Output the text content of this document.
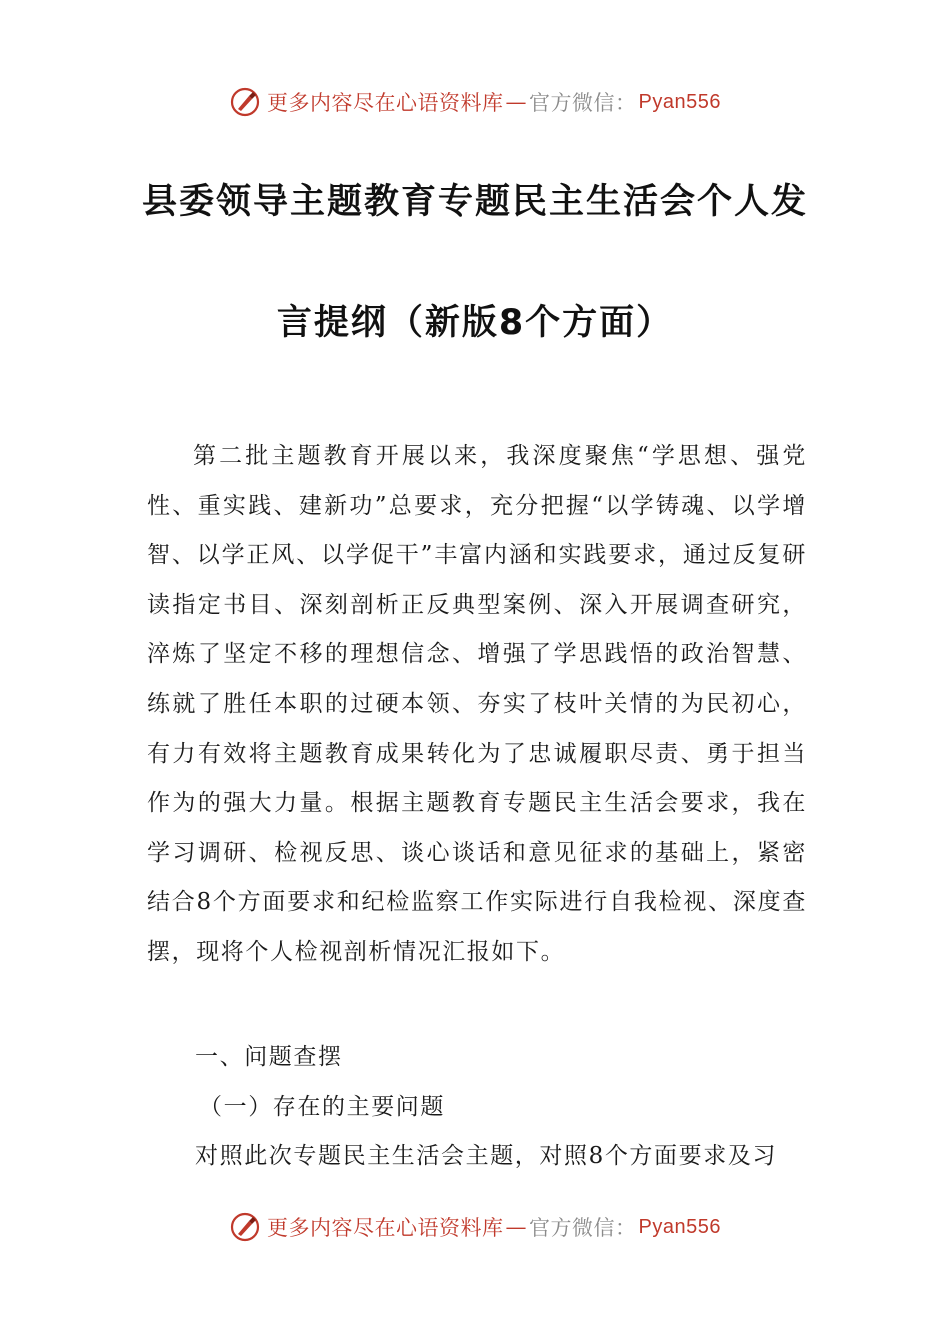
更多内容尽在心语资料库 — 官方微信： Pyan556
县委领导主题教育专题民主生活会个人发
言提纲（新版8个方面）

第二批主题教育开展以来，我深度聚焦“学思想、强党性、重实践、建新功”总要求，充分把握“以学铸魂、以学增智、以学正风、以学促干”丰富内涵和实践要求，通过反复研读指定书目、深刻剖析正反典型案例、深入开展调查研究，淬炼了坚定不移的理想信念、增强了学思践悟的政治智慧、练就了胜任本职的过硬本领、夯实了枝叶关情的为民初心，有力有效将主题教育成果转化为了忠诚履职尽责、勇于担当作为的强大力量。根据主题教育专题民主生活会要求，我在学习调研、检视反思、谈心谈话和意见征求的基础上，紧密结合8个方面要求和纪检监察工作实际进行自我检视、深度查摆，现将个人检视剖析情况汇报如下。

一、问题查摆
（一）存在的主要问题
对照此次专题民主生活会主题，对照8个方面要求及习
更多内容尽在心语资料库 — 官方微信： Pyan556
